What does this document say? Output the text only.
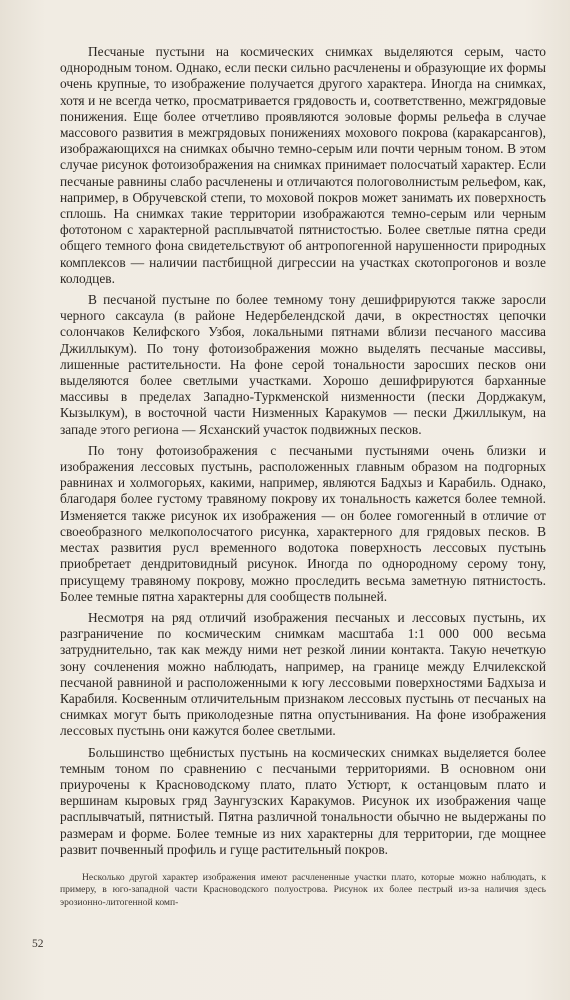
Песчаные пустыни на космических снимках выделяются серым, часто однородным тоном. Однако, если пески сильно расчленены и образующие их формы очень крупные, то изображение получается другого характера. Иногда на снимках, хотя и не всегда четко, просматривается грядовость и, соответственно, межгрядовые понижения. Еще более отчетливо проявляются эоловые формы рельефа в случае массового развития в межгрядовых понижениях мохового покрова (каракарсангов), изображающихся на снимках обычно темно-серым или почти черным тоном. В этом случае рисунок фотоизображения на снимках принимает полосчатый характер. Если песчаные равнины слабо расчленены и отличаются пологоволнистым рельефом, как, например, в Обручевской степи, то моховой покров может занимать их поверхность сплошь. На снимках такие территории изображаются темно-серым или черным фототоном с характерной расплывчатой пятнистостью. Более светлые пятна среди общего темного фона свидетельствуют об антропогенной нарушенности природных комплексов — наличии пастбищной дигрессии на участках скотопрогонов и возле колодцев.

В песчаной пустыне по более темному тону дешифрируются также заросли черного саксаула (в районе Недербелендской дачи, в окрестностях цепочки солончаков Келифского Узбоя, локальными пятнами вблизи песчаного массива Джиллыкум). По тону фотоизображения можно выделять песчаные массивы, лишенные растительности. На фоне серой тональности заросших песков они выделяются более светлыми участками. Хорошо дешифрируются барханные массивы в пределах Западно-Туркменской низменности (пески Дорджакум, Кызылкум), в восточной части Низменных Каракумов — пески Джиллыкум, на западе этого региона — Ясханский участок подвижных песков.

По тону фотоизображения с песчаными пустынями очень близки и изображения лессовых пустынь, расположенных главным образом на подгорных равнинах и холмогорьях, какими, например, являются Бадхыз и Карабиль. Однако, благодаря более густому травяному покрову их тональность кажется более темной. Изменяется также рисунок их изображения — он более гомогенный в отличие от своеобразного мелкополосчатого рисунка, характерного для грядовых песков. В местах развития русл временного водотока поверхность лессовых пустынь приобретает дендритовидный рисунок. Иногда по однородному серому тону, присущему травяному покрову, можно проследить весьма заметную пятнистость. Более темные пятна характерны для сообществ полыней.

Несмотря на ряд отличий изображения песчаных и лессовых пустынь, их разграничение по космическим снимкам масштаба 1:1 000 000 весьма затруднительно, так как между ними нет резкой линии контакта. Такую нечеткую зону сочленения можно наблюдать, например, на границе между Елчилекской песчаной равниной и расположенными к югу лессовыми поверхностями Бадхыза и Карабиля. Косвенным отличительным признаком лессовых пустынь от песчаных на снимках могут быть приколодезные пятна опустынивания. На фоне изображения лессовых пустынь они кажутся более светлыми.

Большинство щебнистых пустынь на космических снимках выделяется более темным тоном по сравнению с песчаными территориями. В основном они приурочены к Красноводскому плато, плато Устюрт, к останцовым плато и вершинам кыровых гряд Заунгузских Каракумов. Рисунок их изображения чаще расплывчатый, пятнистый. Пятна различной тональности обычно не выдержаны по размерам и форме. Более темные из них характерны для территории, где мощнее развит почвенный профиль и гуще растительный покров.

Несколько другой характер изображения имеют расчлененные участки плато, которые можно наблюдать, к примеру, в юго-западной части Красноводского полуострова. Рисунок их более пестрый из-за наличия здесь эрозионно-литогенной комп-
52
